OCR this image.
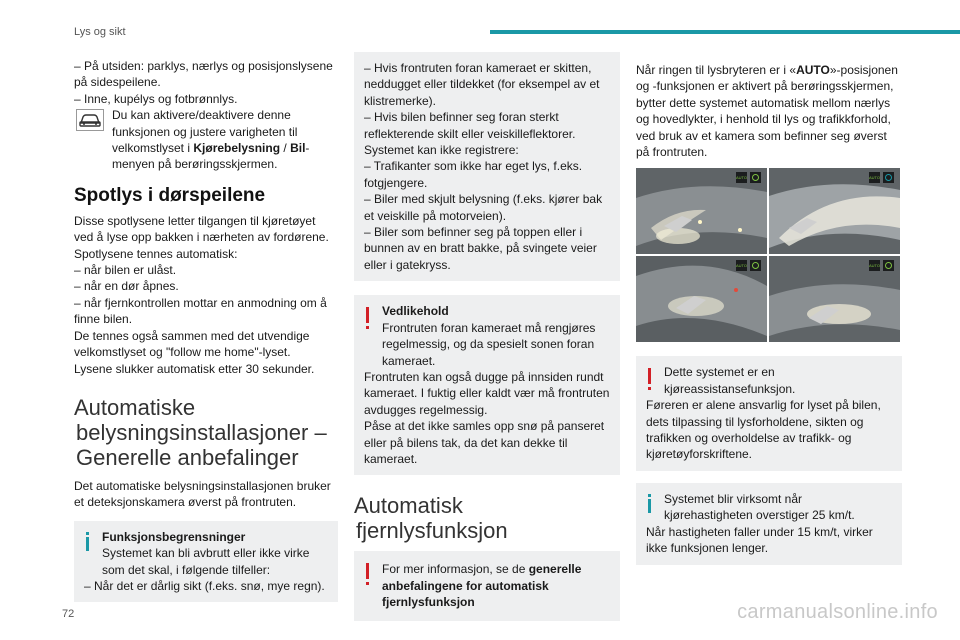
Lys og sikt

– På utsiden: parklys, nærlys og posisjonslysene på sidespeilene.

– Inne, kupélys og fotbrønnlys.

Du kan aktivere/deaktivere denne funksjonen og justere varigheten til velkomstlyset i Kjørebelysning / Bil-menyen på berøringsskjermen.

Spotlys i dørspeilene

Disse spotlysene letter tilgangen til kjøretøyet ved å lyse opp bakken i nærheten av fordørene.

Spotlysene tennes automatisk:

– når bilen er ulåst.

– når en dør åpnes.

– når fjernkontrollen mottar en anmodning om å finne bilen.

De tennes også sammen med det utvendige velkomstlyset og "follow me home"-lyset.

Lysene slukker automatisk etter 30 sekunder.

Automatiske
belysningsinstallasjoner – Generelle anbefalinger

Det automatiske belysningsinstallasjonen bruker et deteksjonskamera øverst på frontruten.

Funksjonsbegrensninger

Systemet kan bli avbrutt eller ikke virke som det skal, i følgende tilfeller:

– Når det er dårlig sikt (f.eks. snø, mye regn).

– Hvis frontruten foran kameraet er skitten, neddugget eller tildekket (for eksempel av et klistremerke).

– Hvis bilen befinner seg foran sterkt reflekterende skilt eller veiskilleflektorer.

Systemet kan ikke registrere:

– Trafikanter som ikke har eget lys, f.eks. fotgjengere.

– Biler med skjult belysning (f.eks. kjører bak et veiskille på motorveien).

– Biler som befinner seg på toppen eller i bunnen av en bratt bakke, på svingete veier eller i gatekryss.

Vedlikehold

Frontruten foran kameraet må rengjøres regelmessig, og da spesielt sonen foran kameraet.

Frontruten kan også dugge på innsiden rundt kameraet. I fuktig eller kaldt vær må frontruten avdugges regelmessig.

Påse at det ikke samles opp snø på panseret eller på bilens tak, da det kan dekke til kameraet.

Automatisk
fjernlysfunksjon

For mer informasjon, se de generelle anbefalingene for automatisk fjernlysfunksjon

Når ringen til lysbryteren er i «AUTO»-posisjonen og -funksjonen er aktivert på berøringsskjermen, bytter dette systemet automatisk mellom nærlys og hovedlykter, i henhold til lys og trafikkforhold, ved bruk av et kamera som befinner seg øverst på frontruten.

AUTO	AUTO
AUTO	AUTO

Dette systemet er en kjøreassistansefunksjon.

Føreren er alene ansvarlig for lyset på bilen, dets tilpassing til lysforholdene, sikten og trafikken og overholdelse av trafikk- og kjøretøyforskriftene.

Systemet blir virksomt når kjørehastigheten overstiger 25 km/t.

Når hastigheten faller under 15 km/t, virker ikke funksjonen lenger.

72	carmanualsonline.info
